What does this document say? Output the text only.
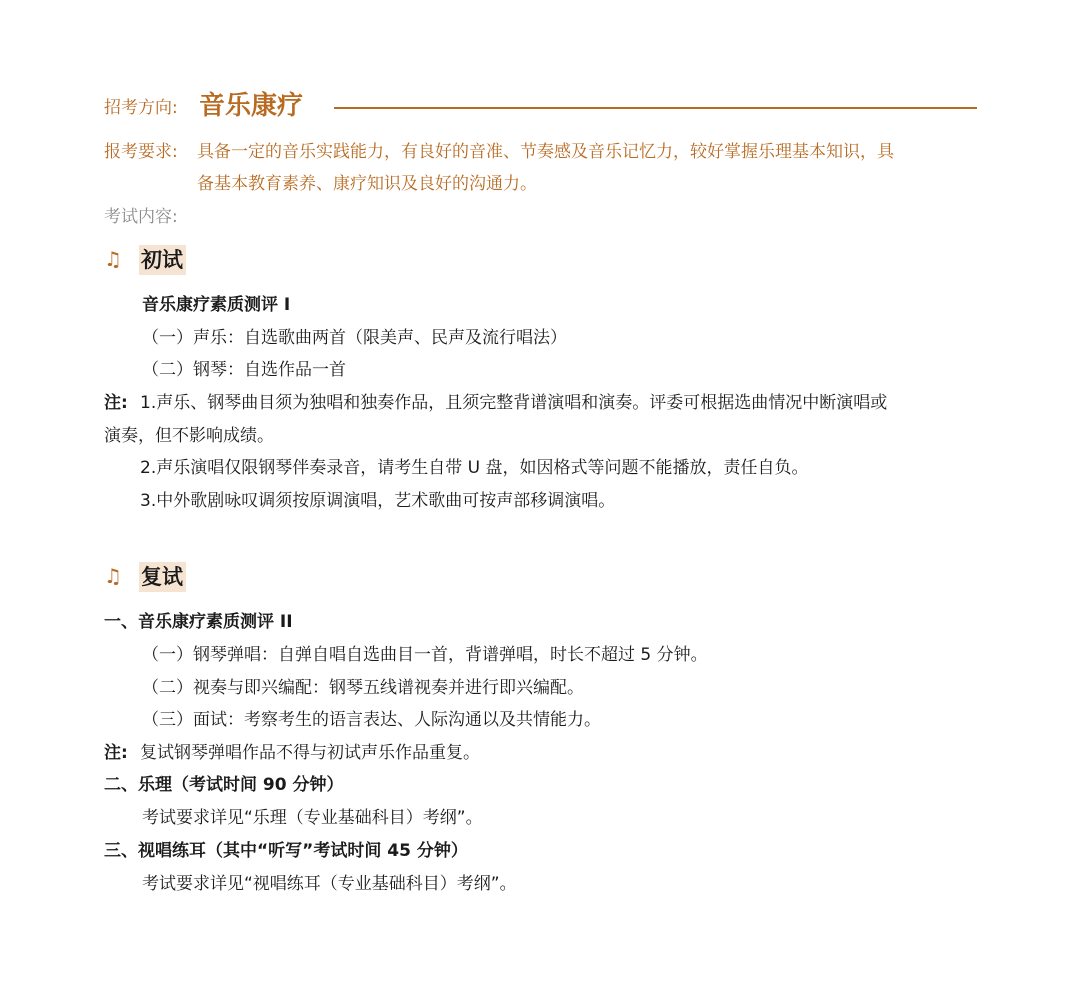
招考方向: 音乐康疗
报考要求: 具备一定的音乐实践能力，有良好的音准、节奏感及音乐记忆力，较好掌握乐理基本知识，具
备基本教育素养、康疗知识及良好的沟通力。
考试内容:
♫ 初试
音乐康疗素质测评 I
（一）声乐：自选歌曲两首（限美声、民声及流行唱法）
（二）钢琴：自选作品一首
注: 1.声乐、钢琴曲目须为独唱和独奏作品，且须完整背谱演唱和演奏。评委可根据选曲情况中断演唱或
演奏，但不影响成绩。
2.声乐演唱仅限钢琴伴奏录音，请考生自带 U 盘，如因格式等问题不能播放，责任自负。
3.中外歌剧咏叹调须按原调演唱，艺术歌曲可按声部移调演唱。
♫ 复试
一、音乐康疗素质测评 II
（一）钢琴弹唱：自弹自唱自选曲目一首，背谱弹唱，时长不超过 5 分钟。
（二）视奏与即兴编配：钢琴五线谱视奏并进行即兴编配。
（三）面试：考察考生的语言表达、人际沟通以及共情能力。
注: 复试钢琴弹唱作品不得与初试声乐作品重复。
二、乐理（考试时间 90 分钟）
考试要求详见“乐理（专业基础科目）考纲”。
三、视唱练耳（其中“听写”考试时间 45 分钟）
考试要求详见“视唱练耳（专业基础科目）考纲”。
